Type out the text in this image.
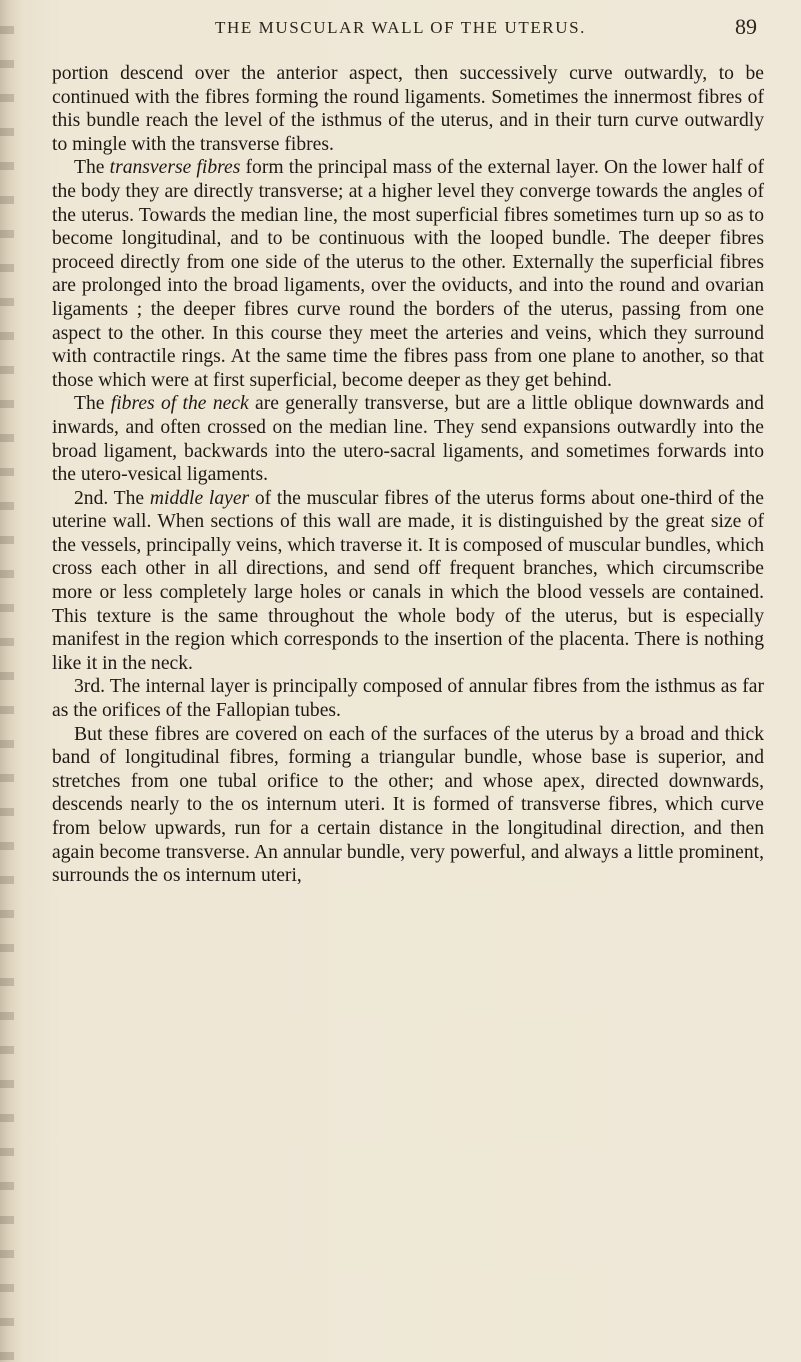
THE MUSCULAR WALL OF THE UTERUS.	89

portion descend over the anterior aspect, then successively curve outwardly, to be continued with the fibres forming the round ligaments. Sometimes the innermost fibres of this bundle reach the level of the isthmus of the uterus, and in their turn curve outwardly to mingle with the transverse fibres.

The transverse fibres form the principal mass of the external layer. On the lower half of the body they are directly transverse; at a higher level they converge towards the angles of the uterus. Towards the median line, the most superficial fibres sometimes turn up so as to become longitudinal, and to be continuous with the looped bundle. The deeper fibres proceed directly from one side of the uterus to the other. Externally the superficial fibres are prolonged into the broad ligaments, over the oviducts, and into the round and ovarian ligaments ; the deeper fibres curve round the borders of the uterus, passing from one aspect to the other. In this course they meet the arteries and veins, which they surround with contractile rings. At the same time the fibres pass from one plane to another, so that those which were at first superficial, become deeper as they get behind.

The fibres of the neck are generally transverse, but are a little oblique downwards and inwards, and often crossed on the median line. They send expansions outwardly into the broad ligament, backwards into the utero-sacral ligaments, and sometimes forwards into the utero-vesical ligaments.

2nd. The middle layer of the muscular fibres of the uterus forms about one-third of the uterine wall. When sections of this wall are made, it is distinguished by the great size of the vessels, principally veins, which traverse it. It is composed of muscular bundles, which cross each other in all directions, and send off frequent branches, which circumscribe more or less completely large holes or canals in which the blood vessels are contained. This texture is the same throughout the whole body of the uterus, but is especially manifest in the region which corresponds to the insertion of the placenta. There is nothing like it in the neck.

3rd. The internal layer is principally composed of annular fibres from the isthmus as far as the orifices of the Fallopian tubes.

But these fibres are covered on each of the surfaces of the uterus by a broad and thick band of longitudinal fibres, forming a triangular bundle, whose base is superior, and stretches from one tubal orifice to the other; and whose apex, directed downwards, descends nearly to the os internum uteri. It is formed of transverse fibres, which curve from below upwards, run for a certain distance in the longitudinal direction, and then again become transverse. An annular bundle, very powerful, and always a little prominent, surrounds the os internum uteri,
